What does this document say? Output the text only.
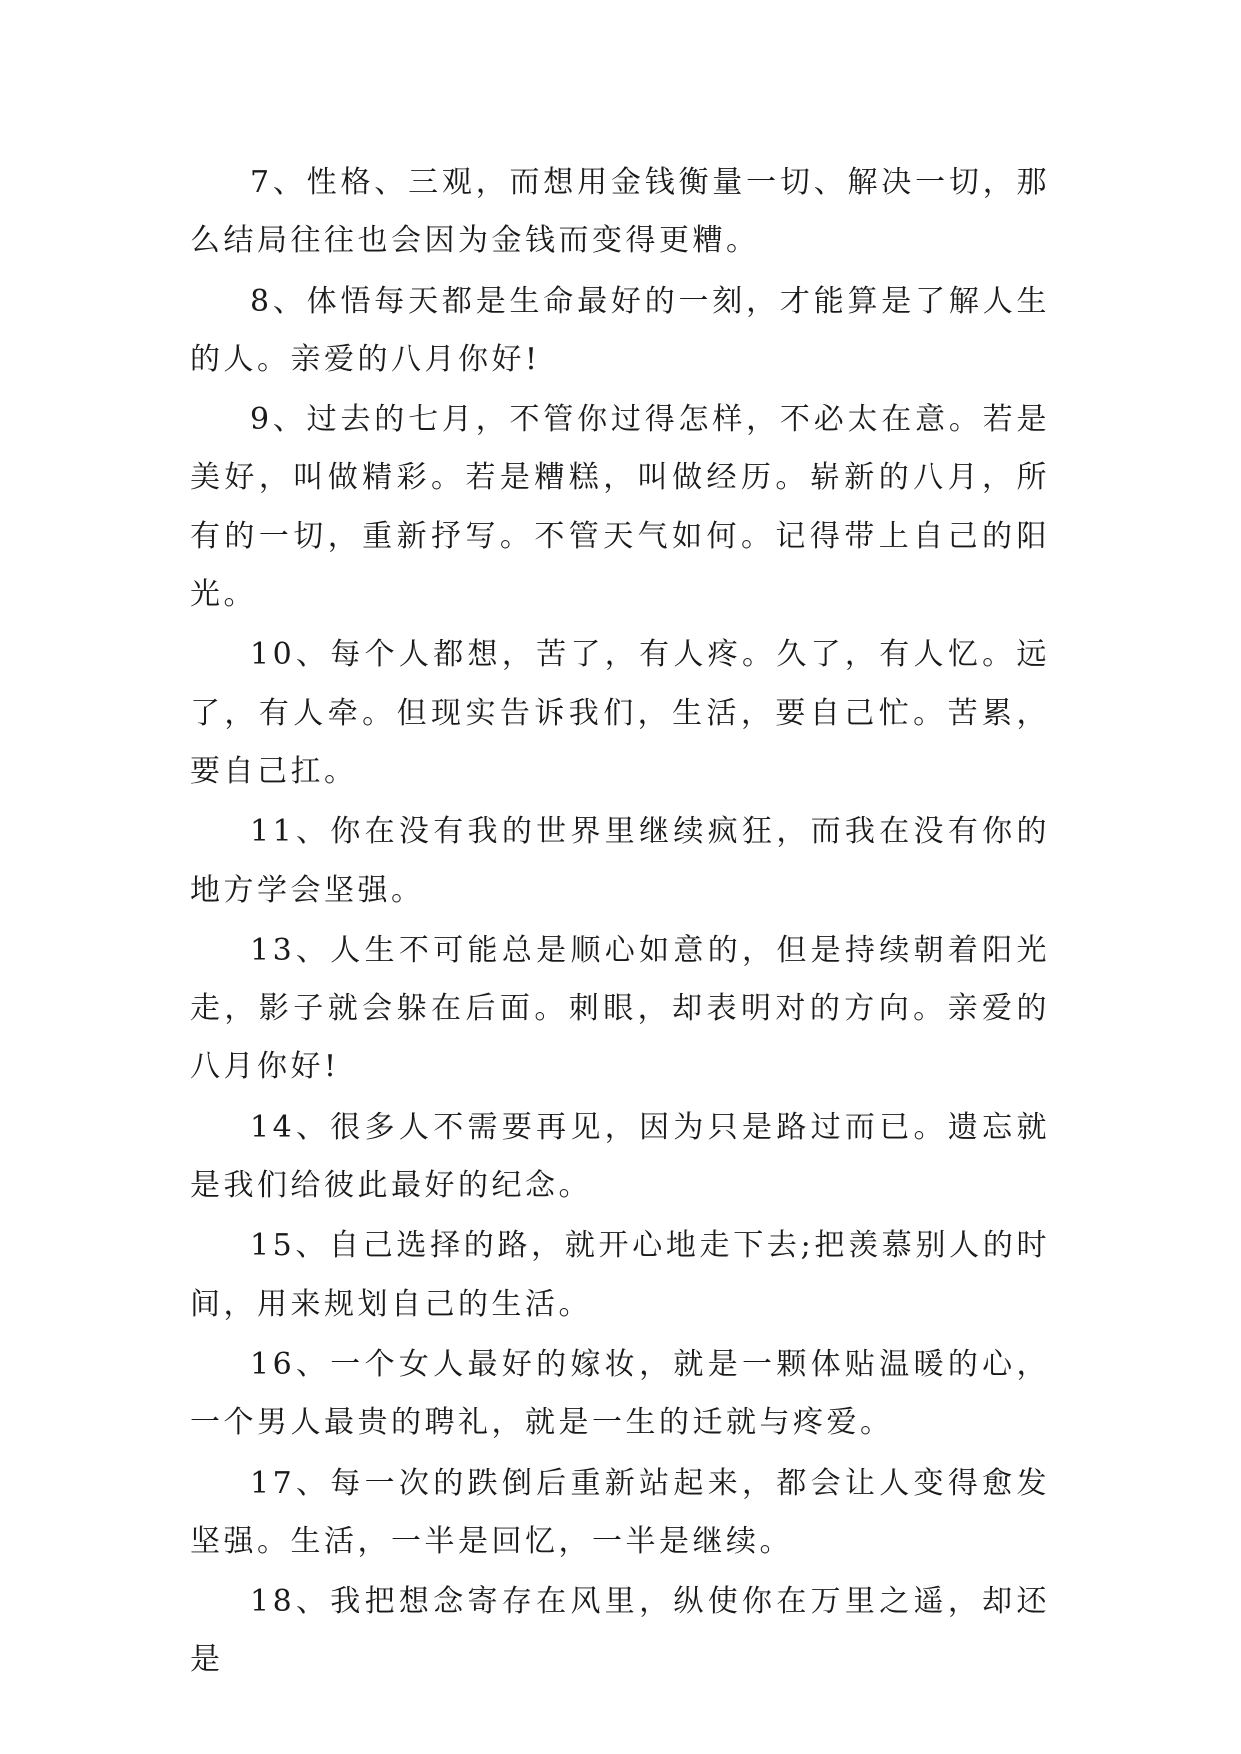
7、性格、三观，而想用金钱衡量一切、解决一切，那么结局往往也会因为金钱而变得更糟。

8、体悟每天都是生命最好的一刻，才能算是了解人生的人。亲爱的八月你好!

9、过去的七月，不管你过得怎样，不必太在意。若是美好，叫做精彩。若是糟糕，叫做经历。崭新的八月，所有的一切，重新抒写。不管天气如何。记得带上自己的阳光。

10、每个人都想，苦了，有人疼。久了，有人忆。远了，有人牵。但现实告诉我们，生活，要自己忙。苦累，要自己扛。

11、你在没有我的世界里继续疯狂，而我在没有你的地方学会坚强。

13、人生不可能总是顺心如意的，但是持续朝着阳光走，影子就会躲在后面。刺眼，却表明对的方向。亲爱的八月你好!

14、很多人不需要再见，因为只是路过而已。遗忘就是我们给彼此最好的纪念。

15、自己选择的路，就开心地走下去;把羡慕别人的时间，用来规划自己的生活。

16、一个女人最好的嫁妆，就是一颗体贴温暖的心，一个男人最贵的聘礼，就是一生的迁就与疼爱。

17、每一次的跌倒后重新站起来，都会让人变得愈发坚强。生活，一半是回忆，一半是继续。

18、我把想念寄存在风里，纵使你在万里之遥，却还是
